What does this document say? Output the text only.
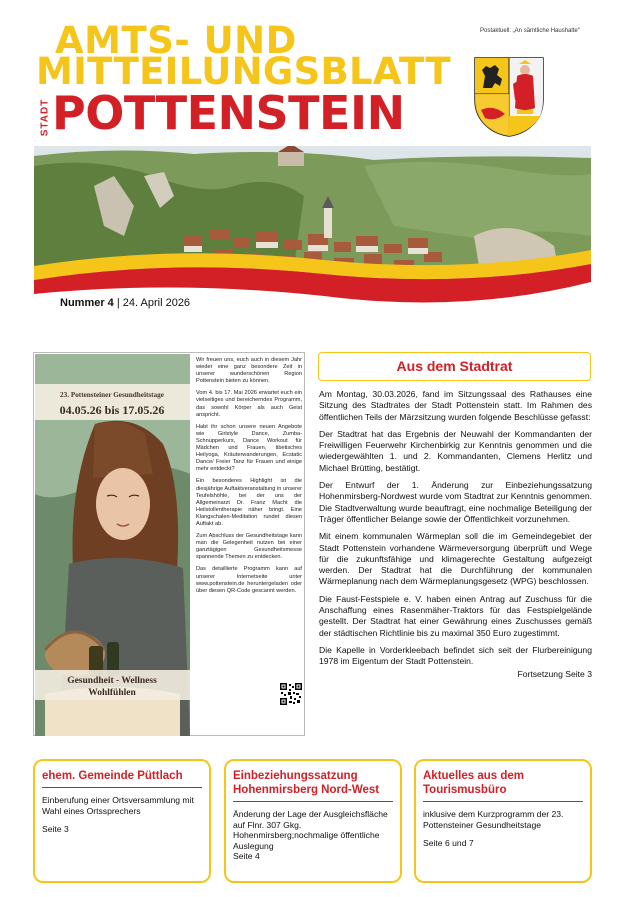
Postaktuell: „An sämtliche Haushalte“
AMTS- UND
MITTEILUNGSBLATT
STADT POTTENSTEIN
Nummer 4 | 24. April 2026
23. Pottensteiner Gesundheitstage
04.05.26 bis 17.05.26
Gesundheit - Wellness
Wohlfühlen

Wir freuen uns, euch auch in diesem Jahr wieder eine ganz besondere Zeit in unserer wunderschönen Region Pottenstein bieten zu können.

Vom 4. bis 17. Mai 2026 erwartet euch ein vielseitiges und bereicherndes Programm, das sowohl Körper als auch Geist anspricht.

Habt ihr schon unsere neuen Angebote wie Girlstyle Dance, Zumba-Schnupperkurs, Dance Workout für Mädchen und Frauen, tibetisches Heilyoga, Kräuterwanderungen, Ecstatic Dance/ Freier Tanz für Frauen und einige mehr entdeckt?

Ein besonderes Highlight ist die diesjährige Auftaktveranstaltung in unserer Teufelshöhle, bei der uns der Allgemeinarzt Dr. Franz Macht die Heilstollentherapie näher bringt. Eine Klangschalen-Meditation rundet diesen Auftakt ab.

Zum Abschluss der Gesundheitstage kann man die Gelegenheit nutzen bei einer ganztägigen Gesundheitsmesse spannende Themen zu entdecken.

Das detaillierte Programm kann auf unserer Internetseite unter www.pottenstein.de heruntergeladen oder über diesen QR-Code gescannt werden.

Aus dem Stadtrat

Am Montag, 30.03.2026, fand im Sitzungssaal des Rathauses eine Sitzung des Stadtrates der Stadt Pottenstein statt. Im Rahmen des öffentlichen Teils der Märzsitzung wurden folgende Beschlüsse gefasst:

Der Stadtrat hat das Ergebnis der Neuwahl der Kommandanten der Freiwilligen Feuerwehr Kirchenbirkig zur Kenntnis genommen und die wiedergewählten 1. und 2. Kommandanten, Clemens Herlitz und Michael Brütting, bestätigt.

Der Entwurf der 1. Änderung zur Einbeziehungssatzung Hohenmirsberg-Nordwest wurde vom Stadtrat zur Kenntnis genommen. Die Stadtverwaltung wurde beauftragt, eine nochmalige Beteiligung der Träger öffentlicher Belange sowie der Öffentlichkeit vorzunehmen.

Mit einem kommunalen Wärmeplan soll die im Gemeindegebiet der Stadt Pottenstein vorhandene Wärmeversorgung überprüft und Wege für die zukunftsfähige und klimagerechte Gestaltung aufgezeigt werden. Der Stadtrat hat die Durchführung der kommunalen Wärmeplanung nach dem Wärmeplanungsgesetz (WPG) beschlossen.

Die Faust-Festspiele e. V. haben einen Antrag auf Zuschuss für die Anschaffung eines Rasenmäher-Traktors für das Festspielgelände gestellt. Der Stadtrat hat einer Gewährung eines Zuschusses gemäß der städtischen Richtlinie bis zu maximal 350 Euro zugestimmt.

Die Kapelle in Vorderkleebach befindet sich seit der Flurbereinigung 1978 im Eigentum der Stadt Pottenstein.

Fortsetzung Seite 3

ehem. Gemeinde Püttlach

Einberufung einer Ortsversammlung mit Wahl eines Ortssprechers

Seite 3

Einbeziehungssatzung Hohenmirsberg Nord-West

Änderung der Lage der Ausgleichsfläche auf Flnr. 307 Gkg. Hohenmirsberg;nochmalige öffentliche Auslegung

Seite 4

Aktuelles aus dem Tourismusbüro

inklusive dem Kurzprogramm der 23. Pottensteiner Gesundheitstage

Seite 6 und 7
